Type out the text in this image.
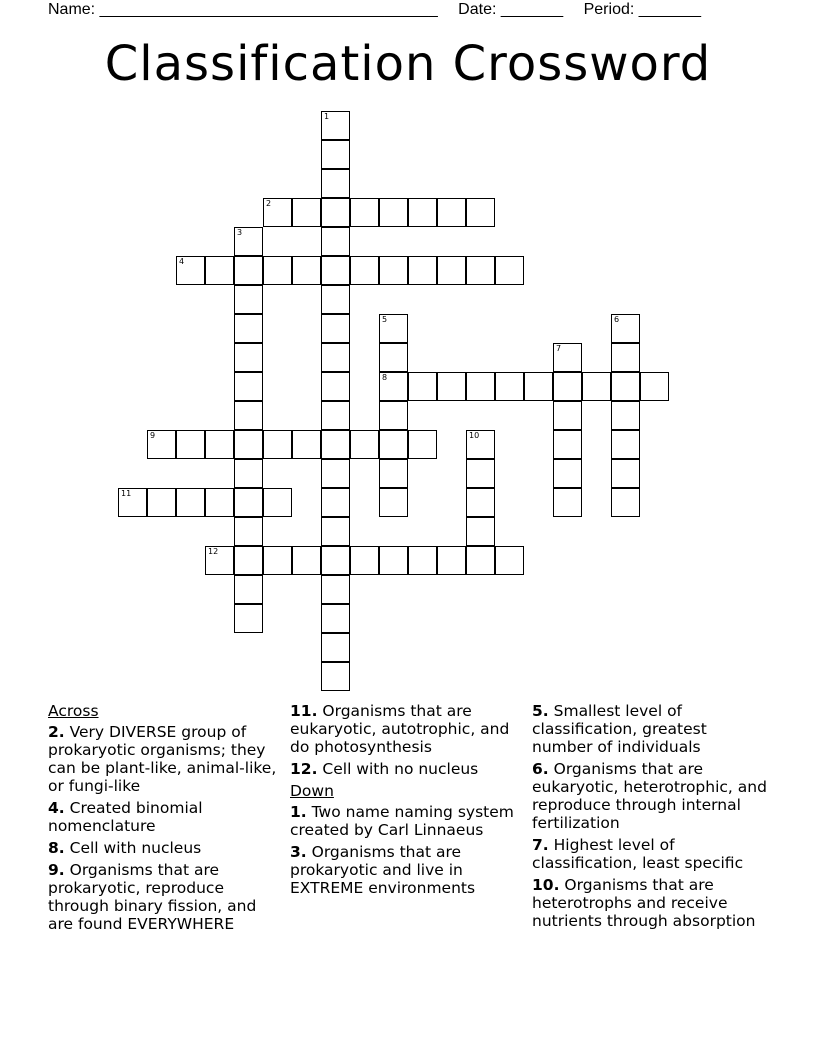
Name: ______________________________________ Date: _______ Period: _______
Classification Crossword
1
2
3
4
5
8
6
7
9	10
11
12
Across
2. Very DIVERSE group of prokaryotic organisms; they can be plant-like, animal-like, or fungi-like
4. Created binomial nomenclature
8. Cell with nucleus
9. Organisms that are prokaryotic, reproduce through binary fission, and are found EVERYWHERE
11. Organisms that are eukaryotic, autotrophic, and do photosynthesis
12. Cell with no nucleus
Down
1. Two name naming system created by Carl Linnaeus
3. Organisms that are prokaryotic and live in EXTREME environments
5. Smallest level of classification, greatest number of individuals
6. Organisms that are eukaryotic, heterotrophic, and reproduce through internal fertilization
7. Highest level of classification, least specific
10. Organisms that are heterotrophs and receive nutrients through absorption
